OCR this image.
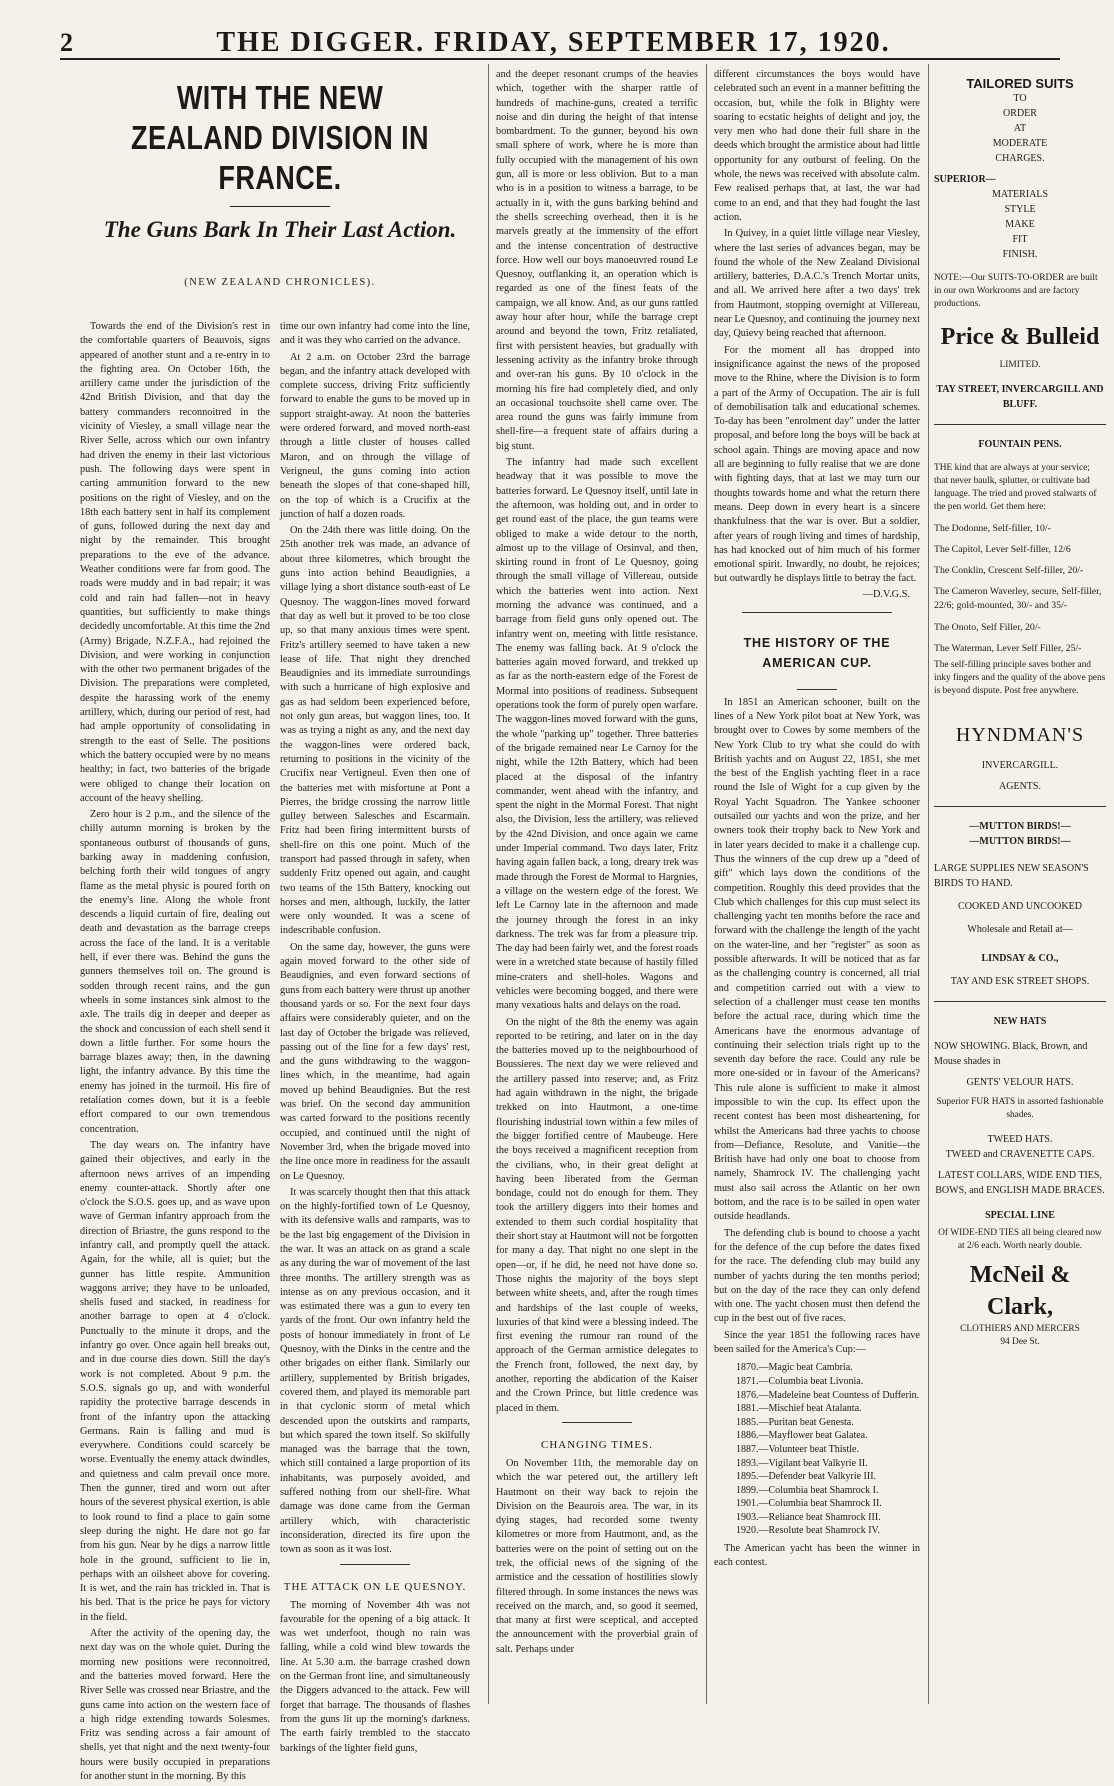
2	THE DIGGER. FRIDAY, SEPTEMBER 17, 1920.
WITH THE NEW ZEALAND DIVISION IN FRANCE.
The Guns Bark In Their Last Action.
(NEW ZEALAND CHRONICLES).

Towards the end of the Division's rest in the comfortable quarters of Beauvois, signs appeared of another stunt and a re-entry in to the fighting area. On October 16th, the artillery came under the jurisdiction of the 42nd British Division, and that day the battery commanders reconnoitred in the vicinity of Viesley, a small village near the River Selle, across which our own infantry had driven the enemy in their last victorious push. The following days were spent in carting ammunition forward to the new positions on the right of Viesley, and on the 18th each battery sent in half its complement of guns, followed during the next day and night by the remainder. This brought preparations to the eve of the advance. Weather conditions were far from good. The roads were muddy and in bad repair; it was cold and rain had fallen—not in heavy quantities, but sufficiently to make things decidedly uncomfortable. At this time the 2nd (Army) Brigade, N.Z.F.A., had rejoined the Division, and were working in conjunction with the other two permanent brigades of the Division. The preparations were completed, despite the harassing work of the enemy artillery, which, during our period of rest, had had ample opportunity of consolidating in strength to the east of Selle. The positions which the battery occupied were by no means healthy; in fact, two batteries of the brigade were obliged to change their location on account of the heavy shelling.

Zero hour is 2 p.m., and the silence of the chilly autumn morning is broken by the spontaneous outburst of thousands of guns, barking away in maddening confusion, belching forth their wild tongues of angry flame as the metal physic is poured forth on the enemy's line. Along the whole front descends a liquid curtain of fire, dealing out death and devastation as the barrage creeps across the face of the land. It is a veritable hell, if ever there was. Behind the guns the gunners themselves toil on. The ground is sodden through recent rains, and the gun wheels in some instances sink almost to the axle. The trails dig in deeper and deeper as the shock and concussion of each shell send it down a little further. For some hours the barrage blazes away; then, in the dawning light, the infantry advance. By this time the enemy has joined in the turmoil. His fire of retaliation comes down, but it is a feeble effort compared to our own tremendous concentration.

The day wears on. The infantry have gained their objectives, and early in the afternoon news arrives of an impending enemy counter-attack. Shortly after one o'clock the S.O.S. goes up, and as wave upon wave of German infantry approach from the direction of Briastre, the guns respond to the infantry call, and promptly quell the attack. Again, for the while, all is quiet; but the gunner has little respite. Ammunition waggons arrive; they have to be unloaded, shells fused and stacked, in readiness for another barrage to open at 4 o'clock. Punctually to the minute it drops, and the infantry go over. Once again hell breaks out, and in due course dies down. Still the day's work is not completed. About 9 p.m. the S.O.S. signals go up, and with wonderful rapidity the protective barrage descends in front of the infantry upon the attacking Germans. Rain is falling and mud is everywhere. Conditions could scarcely be worse. Eventually the enemy attack dwindles, and quietness and calm prevail once more. Then the gunner, tired and worn out after hours of the severest physical exertion, is able to look round to find a place to gain some sleep during the night. He dare not go far from his gun. Near by he digs a narrow little hole in the ground, sufficient to lie in, perhaps with an oilsheet above for covering. It is wet, and the rain has trickled in. That is his bed. That is the price he pays for victory in the field.

After the activity of the opening day, the next day was on the whole quiet. During the morning new positions were reconnoitred, and the batteries moved forward. Here the River Selle was crossed near Briastre, and the guns came into action on the western face of a high ridge extending towards Solesmes. Fritz was sending across a fair amount of shells, yet that night and the next twenty-four hours were busily occupied in preparations for another stunt in the morning. By this

time our own infantry had come into the line, and it was they who carried on the advance.

At 2 a.m. on October 23rd the barrage began, and the infantry attack developed with complete success, driving Fritz sufficiently forward to enable the guns to be moved up in support straight-away. At noon the batteries were ordered forward, and moved north-east through a little cluster of houses called Maron, and on through the village of Verigneul, the guns coming into action beneath the slopes of that cone-shaped hill, on the top of which is a Crucifix at the junction of half a dozen roads.

On the 24th there was little doing. On the 25th another trek was made, an advance of about three kilometres, which brought the guns into action behind Beaudignies, a village lying a short distance south-east of Le Quesnoy. The waggon-lines moved forward that day as well but it proved to be too close up, so that many anxious times were spent. Fritz's artillery seemed to have taken a new lease of life. That night they drenched Beaudignies and its immediate surroundings with such a hurricane of high explosive and gas as had seldom been experienced before, not only gun areas, but waggon lines, too. It was as trying a night as any, and the next day the waggon-lines were ordered back, returning to positions in the vicinity of the Crucifix near Vertigneul. Even then one of the batteries met with misfortune at Pont a Pierres, the bridge crossing the narrow little gulley between Salesches and Escarmain. Fritz had been firing intermittent bursts of shell-fire on this one point. Much of the transport had passed through in safety, when suddenly Fritz opened out again, and caught two teams of the 15th Battery, knocking out horses and men, although, luckily, the latter were only wounded. It was a scene of indescribable confusion.

On the same day, however, the guns were again moved forward to the other side of Beaudignies, and even forward sections of guns from each battery were thrust up another thousand yards or so. For the next four days affairs were considerably quieter, and on the last day of October the brigade was relieved, passing out of the line for a few days' rest, and the guns withdrawing to the waggon-lines which, in the meantime, had again moved up behind Beaudignies. But the rest was brief. On the second day ammunition was carted forward to the positions recently occupied, and continued until the night of November 3rd, when the brigade moved into the line once more in readiness for the assault on Le Quesnoy.

It was scarcely thought then that this attack on the highly-fortified town of Le Quesnoy, with its defensive walls and ramparts, was to be the last big engagement of the Division in the war. It was an attack on as grand a scale as any during the war of movement of the last three months. The artillery strength was as intense as on any previous occasion, and it was estimated there was a gun to every ten yards of the front. Our own infantry held the posts of honour immediately in front of Le Quesnoy, with the Dinks in the centre and the other brigades on either flank. Similarly our artillery, supplemented by British brigades, covered them, and played its memorable part in that cyclonic storm of metal which descended upon the outskirts and ramparts, but which spared the town itself. So skilfully managed was the barrage that the town, which still contained a large proportion of its inhabitants, was purposely avoided, and suffered nothing from our shell-fire. What damage was done came from the German artillery which, with characteristic inconsideration, directed its fire upon the town as soon as it was lost.

THE ATTACK ON LE QUESNOY.

The morning of November 4th was not favourable for the opening of a big attack. It was wet underfoot, though no rain was falling, while a cold wind blew towards the line. At 5.30 a.m. the barrage crashed down on the German front line, and simultaneously the Diggers advanced to the attack. Few will forget that barrage. The thousands of flashes from the guns lit up the morning's darkness. The earth fairly trembled to the staccato barkings of the lighter field guns,

and the deeper resonant crumps of the heavies which, together with the sharper rattle of hundreds of machine-guns, created a terrific noise and din during the height of that intense bombardment. To the gunner, beyond his own small sphere of work, where he is more than fully occupied with the management of his own gun, all is more or less oblivion. But to a man who is in a position to witness a barrage, to be actually in it, with the guns barking behind and the shells screeching overhead, then it is he marvels greatly at the immensity of the effort and the intense concentration of destructive force. How well our boys manoeuvred round Le Quesnoy, outflanking it, an operation which is regarded as one of the finest feats of the campaign, we all know. And, as our guns rattled away hour after hour, while the barrage crept around and beyond the town, Fritz retaliated, first with persistent heavies, but gradually with lessening activity as the infantry broke through and over-ran his guns. By 10 o'clock in the morning his fire had completely died, and only an occasional touchsoite shell came over. The area round the guns was fairly immune from shell-fire—a frequent state of affairs during a big stunt.

The infantry had made such excellent headway that it was possible to move the batteries forward. Le Quesnoy itself, until late in the afternoon, was holding out, and in order to get round east of the place, the gun teams were obliged to make a wide detour to the north, almost up to the village of Orsinval, and then, skirting round in front of Le Quesnoy, going through the small village of Villereau, outside which the batteries went into action. Next morning the advance was continued, and a barrage from field guns only opened out. The infantry went on, meeting with little resistance. The enemy was falling back. At 9 o'clock the batteries again moved forward, and trekked up as far as the north-eastern edge of the Forest de Mormal into positions of readiness. Subsequent operations took the form of purely open warfare. The waggon-lines moved forward with the guns, the whole "parking up" together. Three batteries of the brigade remained near Le Carnoy for the night, while the 12th Battery, which had been placed at the disposal of the infantry commander, went ahead with the infantry, and spent the night in the Mormal Forest. That night also, the Division, less the artillery, was relieved by the 42nd Division, and once again we came under Imperial command. Two days later, Fritz having again fallen back, a long, dreary trek was made through the Forest de Mormal to Hargnies, a village on the western edge of the forest. We left Le Carnoy late in the afternoon and made the journey through the forest in an inky darkness. The trek was far from a pleasure trip. The day had been fairly wet, and the forest roads were in a wretched state because of hastily filled mine-craters and shell-holes. Wagons and vehicles were becoming bogged, and there were many vexatious halts and delays on the road.

On the night of the 8th the enemy was again reported to be retiring, and later on in the day the batteries moved up to the neighbourhood of Boussieres. The next day we were relieved and the artillery passed into reserve; and, as Fritz had again withdrawn in the night, the brigade trekked on into Hautmont, a one-time flourishing industrial town within a few miles of the bigger fortified centre of Maubeuge. Here the boys received a magnificent reception from the civilians, who, in their great delight at having been liberated from the German bondage, could not do enough for them. They took the artillery diggers into their homes and extended to them such cordial hospitality that their short stay at Hautmont will not be forgotten for many a day. That night no one slept in the open—or, if he did, he need not have done so. Those nights the majority of the boys slept between white sheets, and, after the rough times and hardships of the last couple of weeks, luxuries of that kind were a blessing indeed. The first evening the rumour ran round of the approach of the German armistice delegates to the French front, followed, the next day, by another, reporting the abdication of the Kaiser and the Crown Prince, but little credence was placed in them.

CHANGING TIMES.

On November 11th, the memorable day on which the war petered out, the artillery left Hautmont on their way back to rejoin the Division on the Beaurois area. The war, in its dying stages, had recorded some twenty kilometres or more from Hautmont, and, as the batteries were on the point of setting out on the trek, the official news of the signing of the armistice and the cessation of hostilities slowly filtered through. In some instances the news was received on the march, and, so good it seemed, that many at first were sceptical, and accepted the announcement with the proverbial grain of salt. Perhaps under

different circumstances the boys would have celebrated such an event in a manner befitting the occasion, but, while the folk in Blighty were soaring to ecstatic heights of delight and joy, the very men who had done their full share in the deeds which brought the armistice about had little opportunity for any outburst of feeling. On the whole, the news was received with absolute calm. Few realised perhaps that, at last, the war had come to an end, and that they had fought the last action.

In Quivey, in a quiet little village near Viesley, where the last series of advances began, may be found the whole of the New Zealand Divisional artillery, batteries, D.A.C.'s Trench Mortar units, and all. We arrived here after a two days' trek from Hautmont, stopping overnight at Villereau, near Le Quesnoy, and continuing the journey next day, Quievy being reached that afternoon.

For the moment all has dropped into insignificance against the news of the proposed move to the Rhine, where the Division is to form a part of the Army of Occupation. The air is full of demobilisation talk and educational schemes. To-day has been "enrolment day" under the latter proposal, and before long the boys will be back at school again. Things are moving apace and now all are beginning to fully realise that we are done with fighting days, that at last we may turn our thoughts towards home and what the return there means. Deep down in every heart is a sincere thankfulness that the war is over. But a soldier, after years of rough living and times of hardship, has had knocked out of him much of his former emotional spirit. Inwardly, no doubt, he rejoices; but outwardly he displays little to betray the fact.

—D.V.G.S.
THE HISTORY OF THE AMERICAN CUP.

In 1851 an American schooner, built on the lines of a New York pilot boat at New York, was brought over to Cowes by some members of the New York Club to try what she could do with British yachts and on August 22, 1851, she met the best of the English yachting fleet in a race round the Isle of Wight for a cup given by the Royal Yacht Squadron. The Yankee schooner outsailed our yachts and won the prize, and her owners took their trophy back to New York and in later years decided to make it a challenge cup. Thus the winners of the cup drew up a "deed of gift" which lays down the conditions of the competition. Roughly this deed provides that the Club which challenges for this cup must select its challenging yacht ten months before the race and forward with the challenge the length of the yacht on the water-line, and her "register" as soon as possible afterwards. It will be noticed that as far as the challenging country is concerned, all trial and competition carried out with a view to selection of a challenger must cease ten months before the actual race, during which time the Americans have the enormous advantage of continuing their selection trials right up to the seventh day before the race. Could any rule be more one-sided or in favour of the Americans? This rule alone is sufficient to make it almost impossible to win the cup. Its effect upon the recent contest has been most disheartening, for whilst the Americans had three yachts to choose from—Defiance, Resolute, and Vanitie—the British have had only one boat to choose from namely, Shamrock IV. The challenging yacht must also sail across the Atlantic on her own bottom, and the race is to be sailed in open water outside headlands.

The defending club is bound to choose a yacht for the defence of the cup before the dates fixed for the race. The defending club may build any number of yachts during the ten months period; but on the day of the race they can only defend with one. The yacht chosen must then defend the cup in the best out of five races.

Since the year 1851 the following races have been sailed for the America's Cup:—

1870.—Magic beat Cambria.
1871.—Columbia beat Livonia.
1876.—Madeleine beat Countess of Dufferin.
1881.—Mischief beat Atalanta.
1885.—Puritan beat Genesta.
1886.—Mayflower beat Galatea.
1887.—Volunteer beat Thistle.
1893.—Vigilant beat Valkyrie II.
1895.—Defender beat Valkyrie III.
1899.—Columbia beat Shamrock I.
1901.—Columbia beat Shamrock II.
1903.—Reliance beat Shamrock III.
1920.—Resolute beat Shamrock IV.

The American yacht has been the winner in each contest.

TAILORED SUITS
TO
ORDER
AT
MODERATE
CHARGES.
SUPERIOR—
MATERIALS
STYLE
MAKE
FIT
FINISH.
NOTE:—Our SUITS-TO-ORDER are built in our own Workrooms and are factory productions.
Price & Bulleid
LIMITED.
TAY STREET, INVERCARGILL AND BLUFF.
FOUNTAIN PENS.
THE kind that are always at your service; that never baulk, splutter, or cultivate bad language. The tried and proved stalwarts of the pen world. Get them here:
The Dodonne, Self-filler, 10/-
The Capitol, Lever Self-filler, 12/6
The Conklin, Crescent Self-filler, 20/-
The Cameron Waverley, secure, Self-filler, 22/6; gold-mounted, 30/- and 35/-
The Onoto, Self Filler, 20/-
The Waterman, Lever Self Filler, 25/-
The self-filling principle saves bother and inky fingers and the quality of the above pens is beyond dispute. Post free anywhere.
HYNDMAN'S
INVERCARGILL.
AGENTS.
—MUTTON BIRDS!—
—MUTTON BIRDS!—
LARGE SUPPLIES NEW SEASON'S BIRDS TO HAND.
COOKED AND UNCOOKED
Wholesale and Retail at—
LINDSAY & CO.,
TAY AND ESK STREET SHOPS.
NEW HATS
NOW SHOWING. Black, Brown, and Mouse shades in
GENTS' VELOUR HATS.
Superior FUR HATS in assorted fashionable shades.
TWEED HATS.
TWEED and CRAVENETTE CAPS.
LATEST COLLARS, WIDE END TIES, BOWS, and ENGLISH MADE BRACES.
SPECIAL LINE
Of WIDE-END TIES all being cleared now at 2/6 each. Worth nearly double.
McNeil & Clark,
CLOTHIERS AND MERCERS
94 Dee St.
